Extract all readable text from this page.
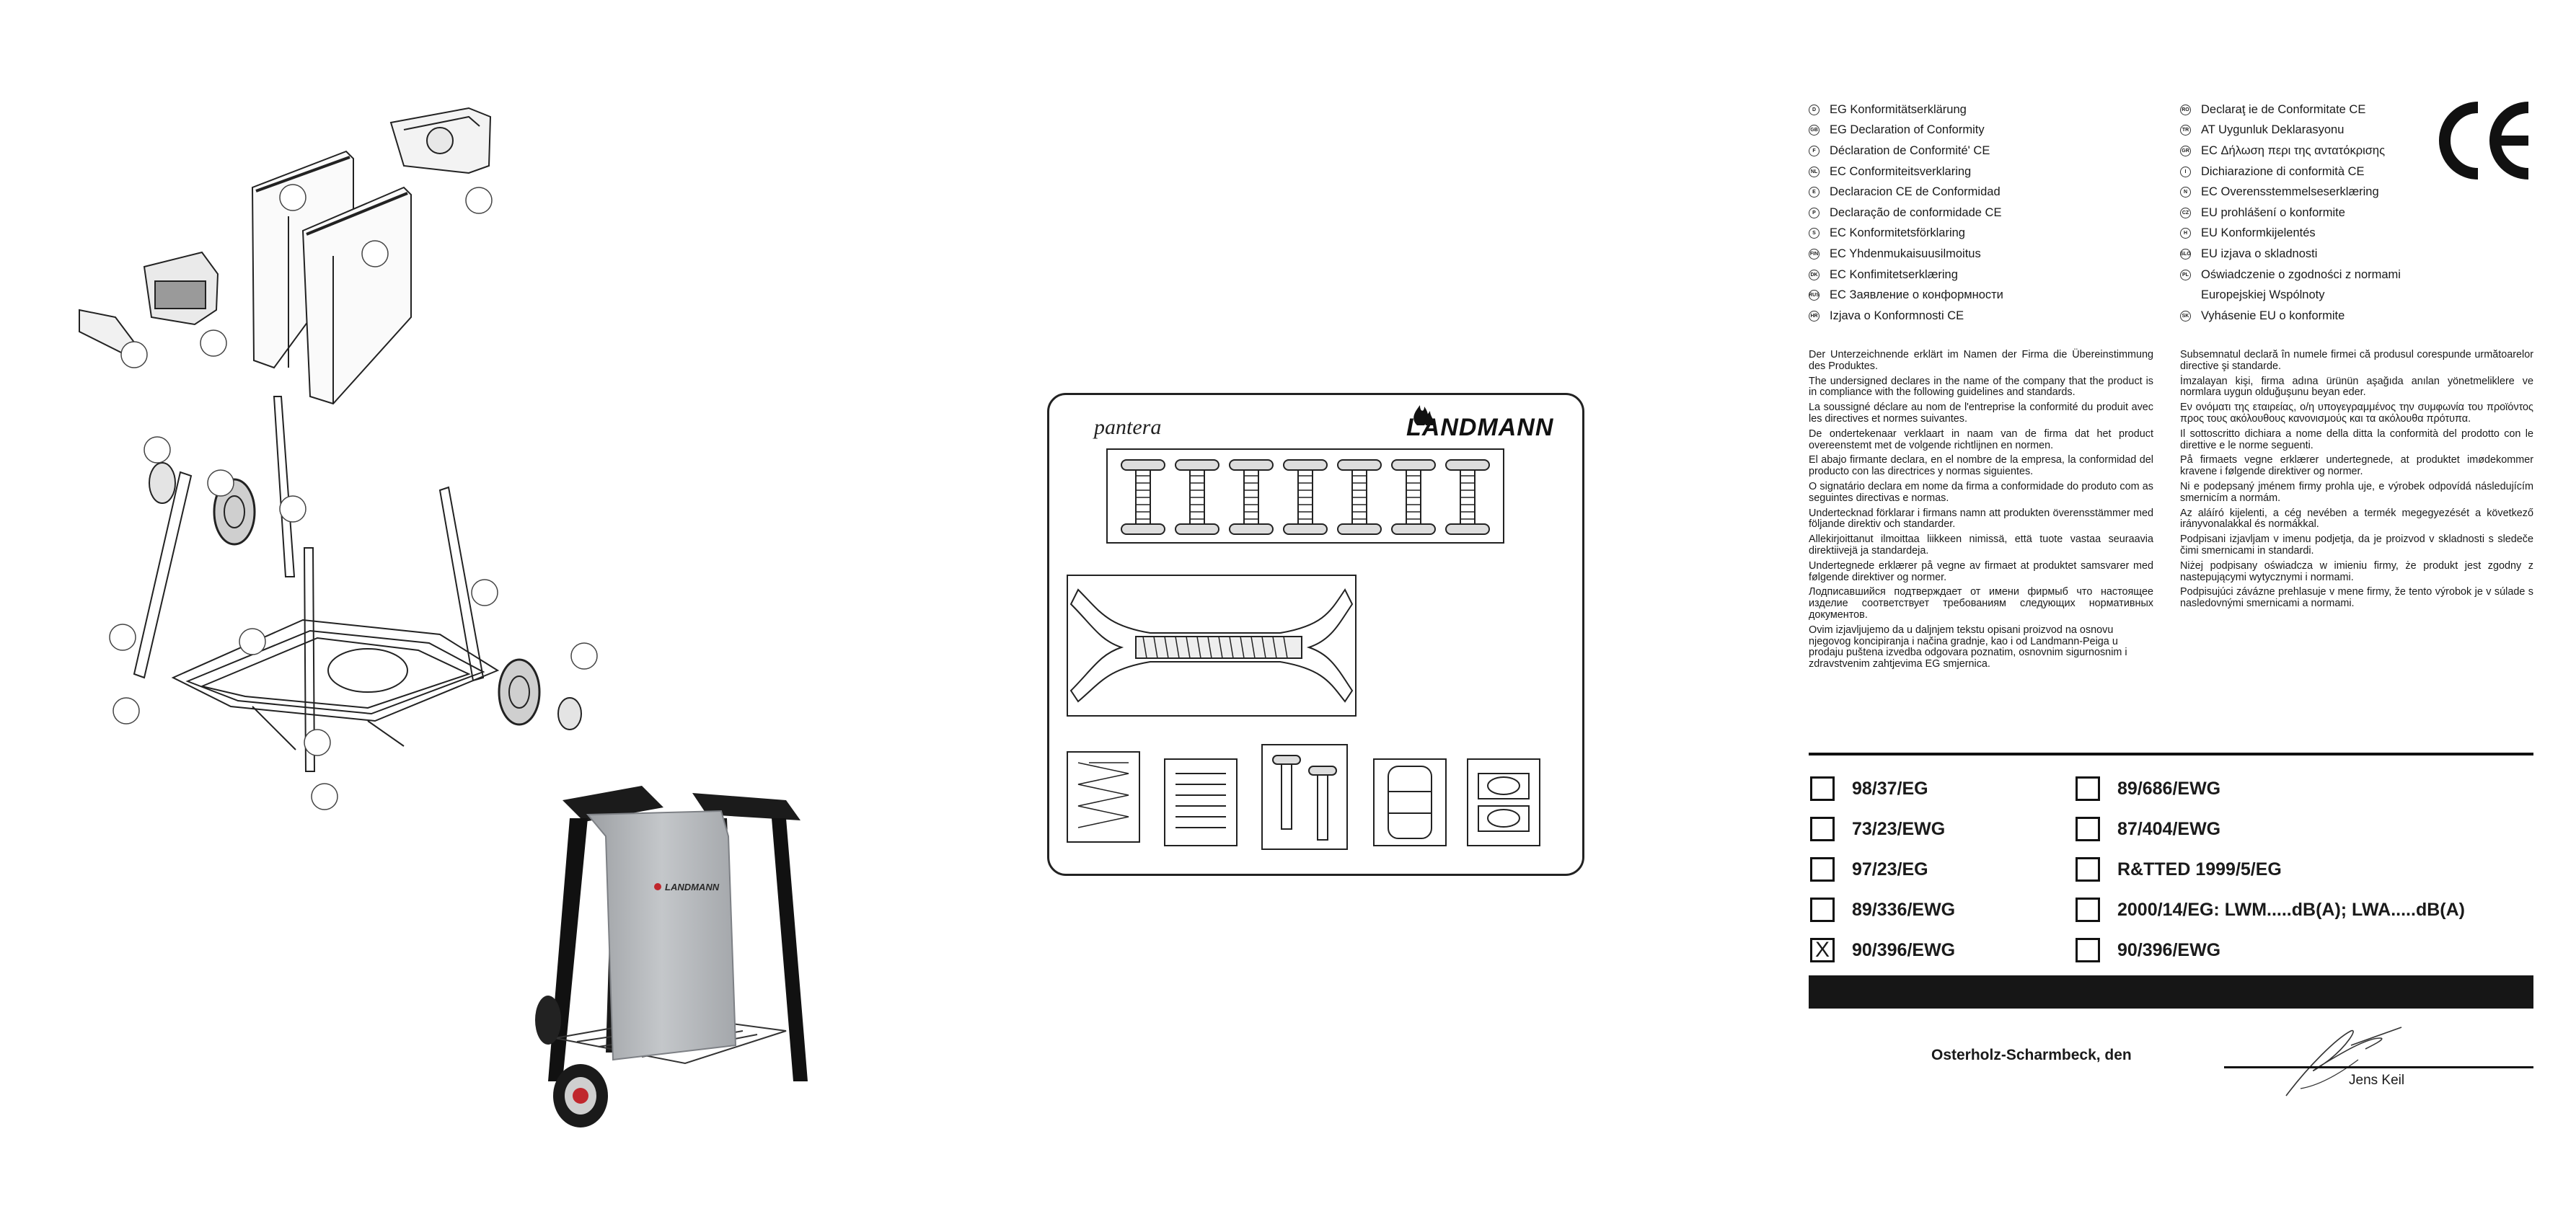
LANDMANN
pantera	LANDMANN
D	EG Konformitätserklärung
GB EG Declaration of Conformity
F	Déclaration de Conformité' CE
NL EC Conformiteitsverklaring
E	Declaracion CE de Conformidad
P	Declaração de conformidade CE
S	EC Konformitetsförklaring
FIN EC Yhdenmukaisuusilmoitus
DK EC Konfimitetserklæring
RUS ЕС Заявление о конформности
HR Izjava o Konformnosti CE
RO Declaraţ ie de Conformitate CE
TR AT Uygunluk Deklarasyonu
GR ΕC Δήλωση περι της αντατόκρισης
I	Dichiarazione di conformità CE
N	EC Overensstemmelseserklæring
CZ EU prohlášení o konformite
H	EU Konformkijelentés
SLO EU izjava o skladnosti
PL Oświadczenie o zgodności z normami
Europejskiej Wspólnoty
SK Vyhásenie EU o konformite

Der Unterzeichnende erklärt im Namen der Firma die Übereinstimmung des Produktes.

The undersigned declares in the name of the company that the product is in compliance with the following guidelines and standards.

La soussigné déclare au nom de l'entreprise la conformité du produit avec les directives et normes suivantes.

De ondertekenaar verklaart in naam van de firma dat het product overeenstemt met de volgende richtlijnen en normen.

El abajo firmante declara, en el nombre de la empresa, la conformidad del producto con las directrices y normas siguientes.

O signatário declara em nome da firma a conformidade do produto com as seguintes directivas e normas.

Undertecknad förklarar i firmans namn att produkten överensstämmer med följande direktiv och standarder.

Allekirjoittanut ilmoittaa liikkeen nimissä, että tuote vastaa seuraavia direktiivejä ja standardeja.

Undertegnede erklærer på vegne av firmaet at produktet samsvarer med følgende direktiver og normer.

Лодписавшийся подтверждает от имени фирмыб что настоящее изделие соответствует требованиям следующих нормативных документов.

Ovim izjavljujemo da u daljnjem tekstu opisani proizvod na osnovu njegovog koncipiranja i načina gradnje, kao i od Landmann-Peiga u prodaju puštena izvedba odgovara poznatim, osnovnim sigurnosnim i zdravstvenim zahtjevima EG smjernica.

Subsemnatul declară în numele firmei că produsul corespunde următoarelor directive şi standarde.

İmzalayan kişi, firma adına ürünün aşağıda anılan yönetmeliklere ve normlara uygun olduğuşunu beyan eder.

Εν ονόματι της εταιρείας, ο/η υπογεγραμμένος την συμφωνία του προϊόντος προς τους ακόλουθους κανονισμούς και τα ακόλουθα πρότυπα.

Il sottoscritto dichiara a nome della ditta la conformità del prodotto con le direttive e le norme seguenti.

På firmaets vegne erklærer undertegnede, at produktet imødekommer kravene i følgende direktiver og normer.

Ni e podepsaný jménem firmy prohla uje, e výrobek odpovídá následujícím smernicím a normám.

Az aláíró kijelenti, a cég nevében a termék megegyezését a következő irányvonalakkal és normákkal.

Podpisani izjavljam v imenu podjetja, da je proizvod v skladnosti s sledeče čimi smernicami in standardi.

Niżej podpisany oświadcza w imieniu firmy, że produkt jest zgodny z nastepującymi wytycznymi i normami.

Podpisujúci závázne prehlasuje v mene firmy, že tento výrobok je v súlade s nasledovnými smernicami a normami.

98/37/EG	89/686/EWG
73/23/EWG	87/404/EWG
97/23/EG	R&TTED 1999/5/EG
89/336/EWG	2000/14/EG: LWM.....dB(A); LWA.....dB(A)
X 90/396/EWG	90/396/EWG
Osterholz-Scharmbeck, den
Jens Keil
